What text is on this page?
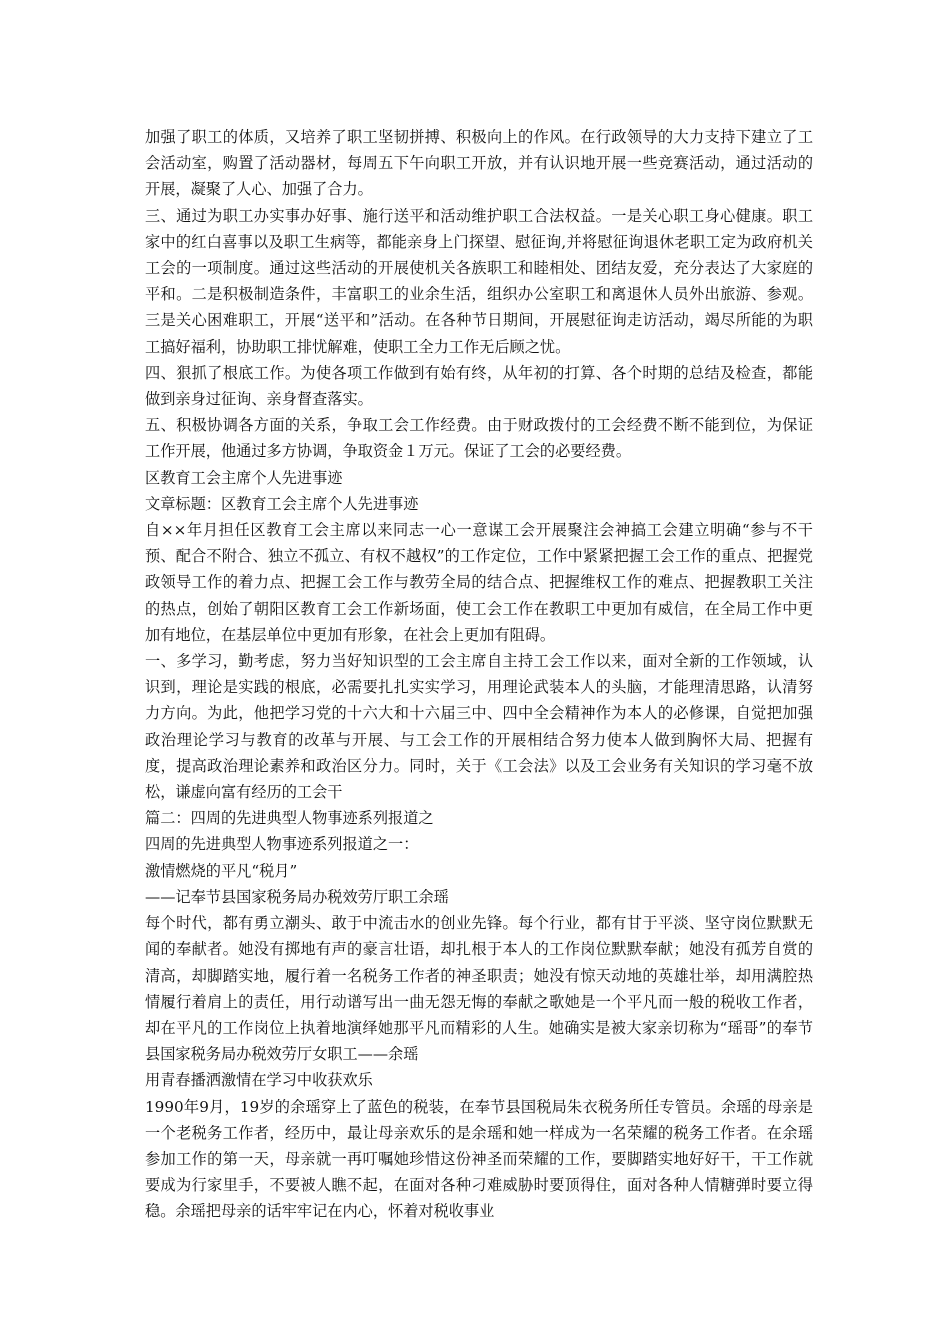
加强了职工的体质，又培养了职工坚韧拼搏、积极向上的作风。在行政领导的大力支持下建立了工会活动室，购置了活动器材，每周五下午向职工开放，并有认识地开展一些竞赛活动，通过活动的开展，凝聚了人心、加强了合力。

三、通过为职工办实事办好事、施行送平和活动维护职工合法权益。一是关心职工身心健康。职工家中的红白喜事以及职工生病等，都能亲身上门探望、慰征询,并将慰征询退休老职工定为政府机关工会的一项制度。通过这些活动的开展使机关各族职工和睦相处、团结友爱，充分表达了大家庭的平和。二是积极制造条件，丰富职工的业余生活，组织办公室职工和离退休人员外出旅游、参观。三是关心困难职工，开展“送平和”活动。在各种节日期间，开展慰征询走访活动，竭尽所能的为职工搞好福利，协助职工排忧解难，使职工全力工作无后顾之忧。

四、狠抓了根底工作。为使各项工作做到有始有终，从年初的打算、各个时期的总结及检查，都能做到亲身过征询、亲身督查落实。

五、积极协调各方面的关系，争取工会工作经费。由于财政拨付的工会经费不断不能到位，为保证工作开展，他通过多方协调，争取资金１万元。保证了工会的必要经费。

区教育工会主席个人先进事迹

文章标题：区教育工会主席个人先进事迹

自××年月担任区教育工会主席以来同志一心一意谋工会开展聚注会神搞工会建立明确“参与不干预、配合不附合、独立不孤立、有权不越权”的工作定位，工作中紧紧把握工会工作的重点、把握党政领导工作的着力点、把握工会工作与教劳全局的结合点、把握维权工作的难点、把握教职工关注的热点，创始了朝阳区教育工会工作新场面，使工会工作在教职工中更加有威信，在全局工作中更加有地位，在基层单位中更加有形象，在社会上更加有阻碍。

一、多学习，勤考虑，努力当好知识型的工会主席自主持工会工作以来，面对全新的工作领域，认识到，理论是实践的根底，必需要扎扎实实学习，用理论武装本人的头脑，才能理清思路，认清努力方向。为此，他把学习党的十六大和十六届三中、四中全会精神作为本人的必修课，自觉把加强政治理论学习与教育的改革与开展、与工会工作的开展相结合努力使本人做到胸怀大局、把握有度，提高政治理论素养和政治区分力。同时，关于《工会法》以及工会业务有关知识的学习毫不放松，谦虚向富有经历的工会干

篇二：四周的先进典型人物事迹系列报道之

四周的先进典型人物事迹系列报道之一：

激情燃烧的平凡“税月”

——记奉节县国家税务局办税效劳厅职工余瑶

每个时代，都有勇立潮头、敢于中流击水的创业先锋。每个行业，都有甘于平淡、坚守岗位默默无闻的奉献者。她没有掷地有声的豪言壮语，却扎根于本人的工作岗位默默奉献；她没有孤芳自赏的清高，却脚踏实地，履行着一名税务工作者的神圣职责；她没有惊天动地的英雄壮举，却用满腔热情履行着肩上的责任，用行动谱写出一曲无怨无悔的奉献之歌她是一个平凡而一般的税收工作者，却在平凡的工作岗位上执着地演绎她那平凡而精彩的人生。她确实是被大家亲切称为“瑶哥”的奉节县国家税务局办税效劳厅女职工——余瑶

用青春播洒激情在学习中收获欢乐

1990年9月，19岁的余瑶穿上了蓝色的税装，在奉节县国税局朱衣税务所任专管员。余瑶的母亲是一个老税务工作者，经历中，最让母亲欢乐的是余瑶和她一样成为一名荣耀的税务工作者。在余瑶参加工作的第一天，母亲就一再叮嘱她珍惜这份神圣而荣耀的工作，要脚踏实地好好干，干工作就要成为行家里手，不要被人瞧不起，在面对各种刁难威胁时要顶得住，面对各种人情糖弹时要立得稳。余瑶把母亲的话牢牢记在内心，怀着对税收事业
